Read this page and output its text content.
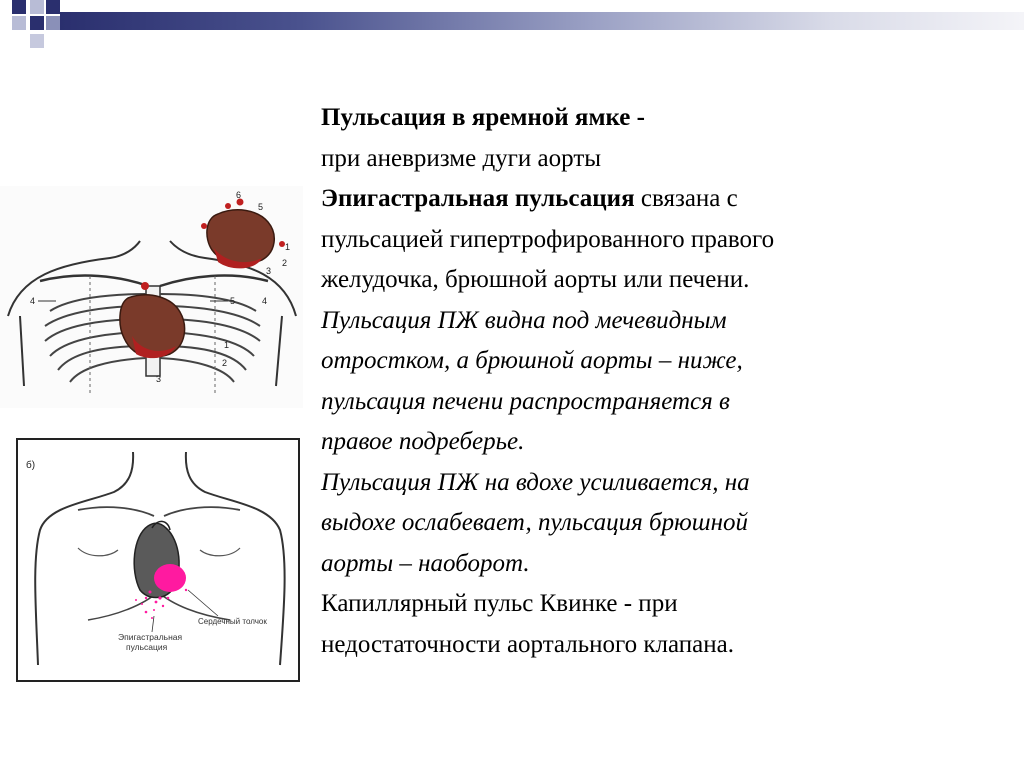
6
5
1
2
3
4	5	4
1
2
3
б)
Эпигастральная
пульсация
Сердечный толчок

Пульсация в яремной ямке -

при аневризме дуги аорты

Эпигастральная пульсация связана с

пульсацией гипертрофированного правого

желудочка, брюшной аорты или печени.

Пульсация ПЖ видна под мечевидным

отростком, а брюшной аорты – ниже,

пульсация печени распространяется в

правое подреберье.

Пульсация ПЖ на вдохе усиливается, на

выдохе ослабевает, пульсация брюшной

аорты – наоборот.

Капиллярный пульс Квинке - при

недостаточности аортального клапана.
